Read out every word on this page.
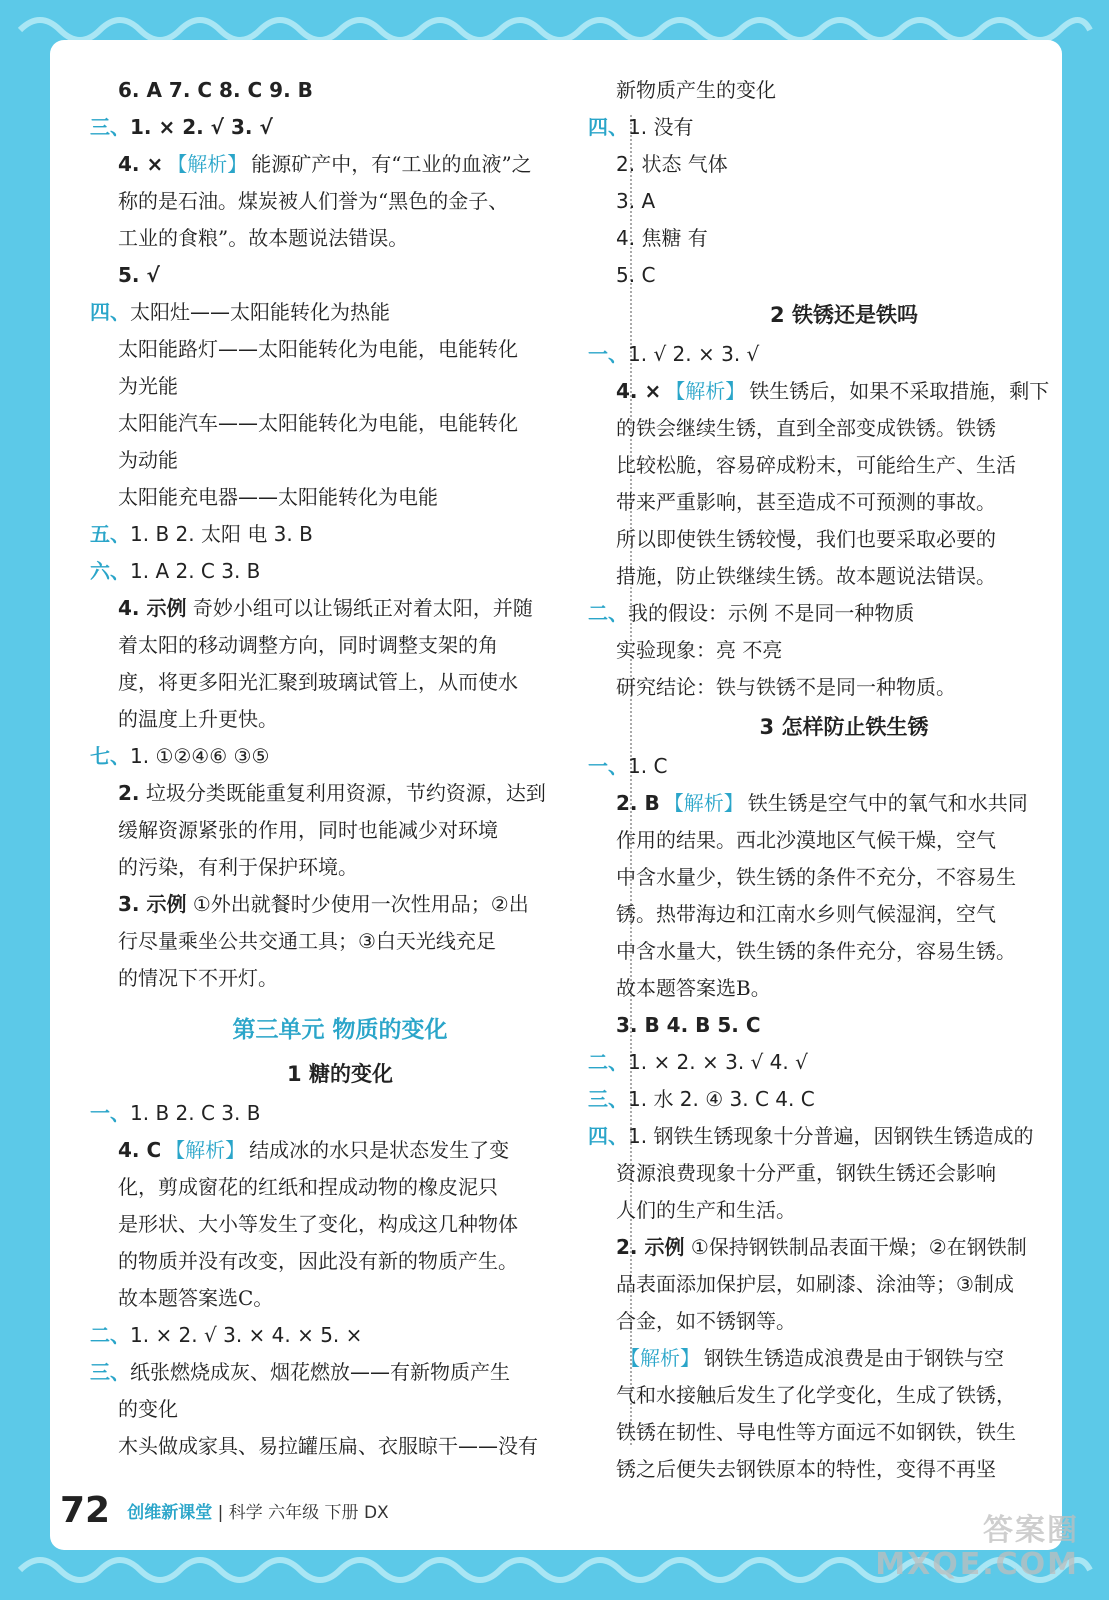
6. A 7. C 8. C 9. B
三、1. × 2. √ 3. √
4. × 【解析】 能源矿产中，有“工业的血液”之
称的是石油。煤炭被人们誉为“黑色的金子、
工业的食粮”。故本题说法错误。
5. √
四、太阳灶——太阳能转化为热能
太阳能路灯——太阳能转化为电能，电能转化
为光能
太阳能汽车——太阳能转化为电能，电能转化
为动能
太阳能充电器——太阳能转化为电能
五、1. B 2. 太阳 电 3. B
六、1. A 2. C 3. B
4. 示例 奇妙小组可以让锡纸正对着太阳，并随
着太阳的移动调整方向，同时调整支架的角
度，将更多阳光汇聚到玻璃试管上，从而使水
的温度上升更快。
七、1. ①②④⑥ ③⑤
2. 垃圾分类既能重复利用资源，节约资源，达到
缓解资源紧张的作用，同时也能减少对环境
的污染，有利于保护环境。
3. 示例 ①外出就餐时少使用一次性用品；②出
行尽量乘坐公共交通工具；③白天光线充足
的情况下不开灯。
第三单元 物质的变化
1 糖的变化
一、1. B 2. C 3. B
4. C 【解析】 结成冰的水只是状态发生了变
化，剪成窗花的红纸和捏成动物的橡皮泥只
是形状、大小等发生了变化，构成这几种物体
的物质并没有改变，因此没有新的物质产生。
故本题答案选C。
二、1. × 2. √ 3. × 4. × 5. ×
三、纸张燃烧成灰、烟花燃放——有新物质产生
的变化
木头做成家具、易拉罐压扁、衣服晾干——没有
新物质产生的变化
四、1. 没有
2. 状态 气体
3. A
4. 焦糖 有
5. C
2 铁锈还是铁吗
一、1. √ 2. × 3. √
4. × 【解析】 铁生锈后，如果不采取措施，剩下
的铁会继续生锈，直到全部变成铁锈。铁锈
比较松脆，容易碎成粉末，可能给生产、生活
带来严重影响，甚至造成不可预测的事故。
所以即使铁生锈较慢，我们也要采取必要的
措施，防止铁继续生锈。故本题说法错误。
二、我的假设：示例 不是同一种物质
实验现象：亮 不亮
研究结论：铁与铁锈不是同一种物质。
3 怎样防止铁生锈
一、1. C
2. B 【解析】 铁生锈是空气中的氧气和水共同
作用的结果。西北沙漠地区气候干燥，空气
中含水量少，铁生锈的条件不充分，不容易生
锈。热带海边和江南水乡则气候湿润，空气
中含水量大，铁生锈的条件充分，容易生锈。
故本题答案选B。
3. B 4. B 5. C
二、1. × 2. × 3. √ 4. √
三、1. 水 2. ④ 3. C 4. C
四、1. 钢铁生锈现象十分普遍，因钢铁生锈造成的
资源浪费现象十分严重，钢铁生锈还会影响
人们的生产和生活。
2. 示例 ①保持钢铁制品表面干燥；②在钢铁制
品表面添加保护层，如刷漆、涂油等；③制成
合金，如不锈钢等。
【解析】 钢铁生锈造成浪费是由于钢铁与空
气和水接触后发生了化学变化，生成了铁锈，
铁锈在韧性、导电性等方面远不如钢铁，铁生
锈之后便失去钢铁原本的特性，变得不再坚
72 创维新课堂 | 科学 六年级 下册 DX	答案圈
MXQE.COM
